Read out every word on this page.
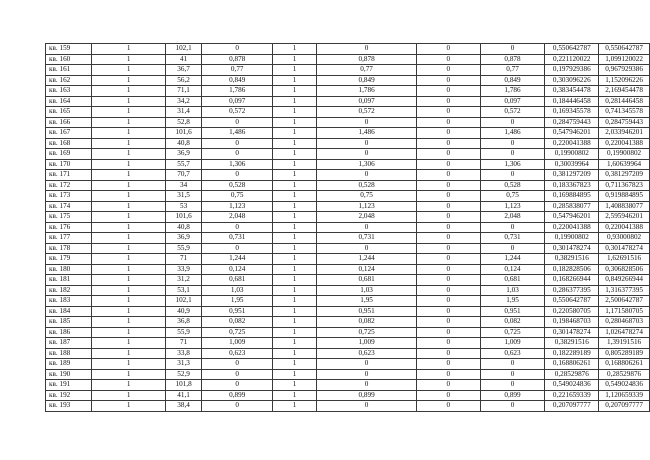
кв. 159	1	102,1	0	1	0	0	0	0,550642787	0,550642787
кв. 160	1	41	0,878	1	0,878	0	0,878	0,221120022	1,099120022
кв. 161	1	36,7	0,77	1	0,77	0	0,77	0,197929386	0,967929386
кв. 162	1	56,2	0,849	1	0,849	0	0,849	0,303096226	1,152096226
кв. 163	1	71,1	1,786	1	1,786	0	1,786	0,383454478	2,169454478
кв. 164	1	34,2	0,097	1	0,097	0	0,097	0,184446458	0,281446458
кв. 165	1	31,4	0,572	1	0,572	0	0,572	0,169345578	0,741345578
кв. 166	1	52,8	0	1	0	0	0	0,284759443	0,284759443
кв. 167	1	101,6	1,486	1	1,486	0	1,486	0,547946201	2,033946201
кв. 168	1	40,8	0	1	0	0	0	0,220041388	0,220041388
кв. 169	1	36,9	0	1	0	0	0	0,19900802	0,19900802
кв. 170	1	55,7	1,306	1	1,306	0	1,306	0,30039964	1,60639964
кв. 171	1	70,7	0	1	0	0	0	0,381297209	0,381297209
кв. 172	1	34	0,528	1	0,528	0	0,528	0,183367823	0,711367823
кв. 173	1	31,5	0,75	1	0,75	0	0,75	0,169884895	0,919884895
кв. 174	1	53	1,123	1	1,123	0	1,123	0,285838077	1,408838077
кв. 175	1	101,6	2,048	1	2,048	0	2,048	0,547946201	2,595946201
кв. 176	1	40,8	0	1	0	0	0	0,220041388	0,220041388
кв. 177	1	36,9	0,731	1	0,731	0	0,731	0,19900802	0,93000802
кв. 178	1	55,9	0	1	0	0	0	0,301478274	0,301478274
кв. 179	1	71	1,244	1	1,244	0	1,244	0,38291516	1,62691516
кв. 180	1	33,9	0,124	1	0,124	0	0,124	0,182828506	0,306828506
кв. 181	1	31,2	0,681	1	0,681	0	0,681	0,168266944	0,849266944
кв. 182	1	53,1	1,03	1	1,03	0	1,03	0,286377395	1,316377395
кв. 183	1	102,1	1,95	1	1,95	0	1,95	0,550642787	2,500642787
кв. 184	1	40,9	0,951	1	0,951	0	0,951	0,220580705	1,171580705
кв. 185	1	36,8	0,082	1	0,082	0	0,082	0,198468703	0,280468703
кв. 186	1	55,9	0,725	1	0,725	0	0,725	0,301478274	1,026478274
кв. 187	1	71	1,009	1	1,009	0	1,009	0,38291516	1,39191516
кв. 188	1	33,8	0,623	1	0,623	0	0,623	0,182289189	0,805289189
кв. 189	1	31,3	0	1	0	0	0	0,168806261	0,168806261
кв. 190	1	52,9	0	1	0	0	0	0,28529876	0,28529876
кв. 191	1	101,8	0	1	0	0	0	0,549024836	0,549024836
кв. 192	1	41,1	0,899	1	0,899	0	0,899	0,221659339	1,120659339
кв. 193	1	38,4	0	1	0	0	0	0,207097777	0,207097777
